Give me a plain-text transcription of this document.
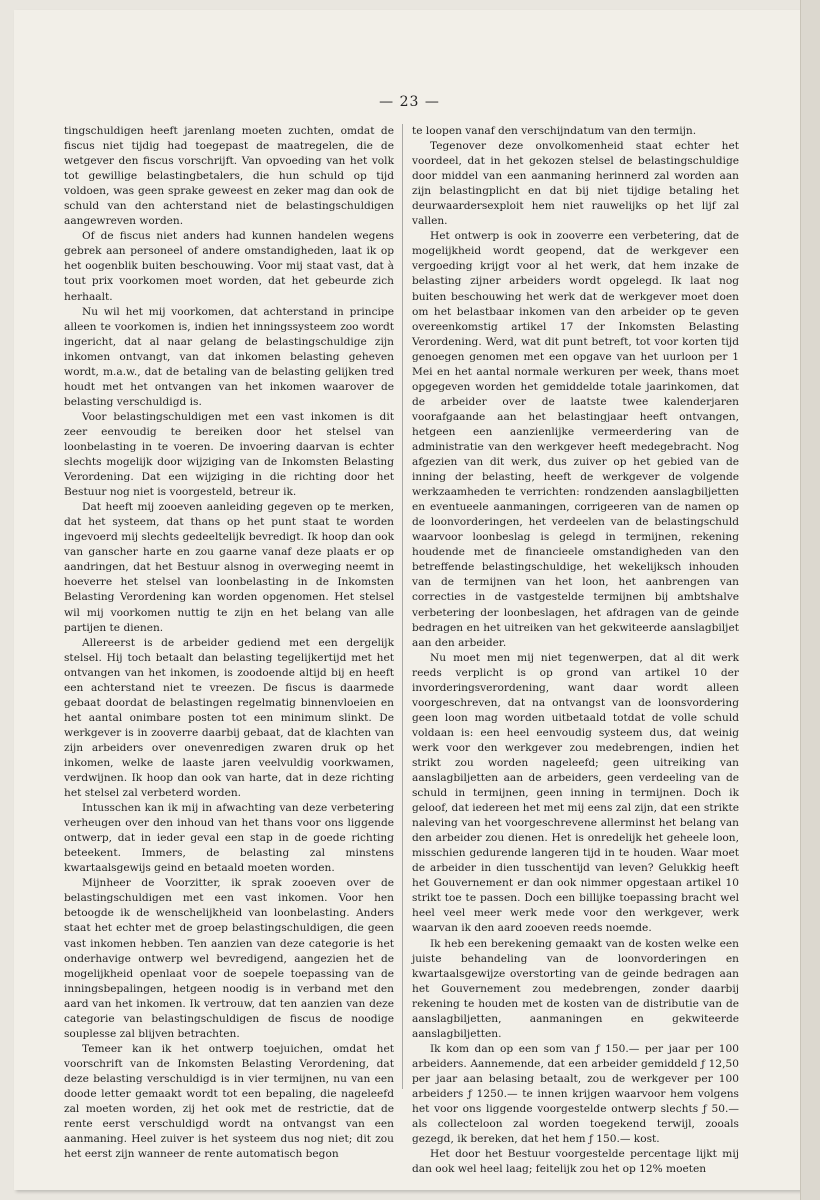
— 23 —

tingschuldigen heeft jarenlang moeten zuchten, omdat de fiscus niet tijdig had toegepast de maatregelen, die de wetgever den fiscus vorschrijft. Van opvoeding van het volk tot gewillige belastingbetalers, die hun schuld op tijd voldoen, was geen sprake geweest en zeker mag dan ook de schuld van den achterstand niet de belastingschuldigen aangewreven worden.

Of de fiscus niet anders had kunnen handelen wegens gebrek aan personeel of andere omstandigheden, laat ik op het oogenblik buiten beschouwing. Voor mij staat vast, dat à tout prix voorkomen moet worden, dat het gebeurde zich herhaalt.

Nu wil het mij voorkomen, dat achterstand in principe alleen te voorkomen is, indien het inningssysteem zoo wordt ingericht, dat al naar gelang de belastingschuldige zijn inkomen ontvangt, van dat inkomen belasting geheven wordt, m.a.w., dat de betaling van de belasting gelijken tred houdt met het ontvangen van het inkomen waarover de belasting verschuldigd is.

Voor belastingschuldigen met een vast inkomen is dit zeer eenvoudig te bereiken door het stelsel van loonbelasting in te voeren. De invoering daarvan is echter slechts mogelijk door wijziging van de Inkomsten Belasting Verordening. Dat een wijziging in die richting door het Bestuur nog niet is voorgesteld, betreur ik.

Dat heeft mij zooeven aanleiding gegeven op te merken, dat het systeem, dat thans op het punt staat te worden ingevoerd mij slechts gedeeltelijk bevredigt. Ik hoop dan ook van ganscher harte en zou gaarne vanaf deze plaats er op aandringen, dat het Bestuur alsnog in overweging neemt in hoeverre het stelsel van loonbelasting in de Inkomsten Belasting Verordening kan worden opgenomen. Het stelsel wil mij voorkomen nuttig te zijn en het belang van alle partijen te dienen.

Allereerst is de arbeider gediend met een dergelijk stelsel. Hij toch betaalt dan belasting tegelijkertijd met het ontvangen van het inkomen, is zoodoende altijd bij en heeft een achterstand niet te vreezen. De fiscus is daarmede gebaat doordat de belastingen regelmatig binnenvloeien en het aantal onimbare posten tot een minimum slinkt. De werkgever is in zooverre daarbij gebaat, dat de klachten van zijn arbeiders over onevenredigen zwaren druk op het inkomen, welke de laaste jaren veelvuldig voorkwamen, verdwijnen. Ik hoop dan ook van harte, dat in deze richting het stelsel zal verbeterd worden.

Intusschen kan ik mij in afwachting van deze verbetering verheugen over den inhoud van het thans voor ons liggende ontwerp, dat in ieder geval een stap in de goede richting beteekent. Immers, de belasting zal minstens kwartaalsgewijs geind en betaald moeten worden.

Mijnheer de Voorzitter, ik sprak zooeven over de belastingschuldigen met een vast inkomen. Voor hen betoogde ik de wenschelijkheid van loonbelasting. Anders staat het echter met de groep belastingschuldigen, die geen vast inkomen hebben. Ten aanzien van deze categorie is het onderhavige ontwerp wel bevredigend, aangezien het de mogelijkheid openlaat voor de soepele toepassing van de inningsbepalingen, hetgeen noodig is in verband met den aard van het inkomen. Ik vertrouw, dat ten aanzien van deze categorie van belastingschuldigen de fiscus de noodige souplesse zal blijven betrachten.

Temeer kan ik het ontwerp toejuichen, omdat het voorschrift van de Inkomsten Belasting Verordening, dat deze belasting verschuldigd is in vier termijnen, nu van een doode letter gemaakt wordt tot een bepaling, die nageleefd zal moeten worden, zij het ook met de restrictie, dat de rente eerst verschuldigd wordt na ontvangst van een aanmaning. Heel zuiver is het systeem dus nog niet; dit zou het eerst zijn wanneer de rente automatisch begon

te loopen vanaf den verschijndatum van den termijn.

Tegenover deze onvolkomenheid staat echter het voordeel, dat in het gekozen stelsel de belastingschuldige door middel van een aanmaning herinnerd zal worden aan zijn belastingplicht en dat bij niet tijdige betaling het deurwaardersexploit hem niet rauwelijks op het lijf zal vallen.

Het ontwerp is ook in zooverre een verbetering, dat de mogelijkheid wordt geopend, dat de werkgever een vergoeding krijgt voor al het werk, dat hem inzake de belasting zijner arbeiders wordt opgelegd. Ik laat nog buiten beschouwing het werk dat de werkgever moet doen om het belastbaar inkomen van den arbeider op te geven overeenkomstig artikel 17 der Inkomsten Belasting Verordening. Werd, wat dit punt betreft, tot voor korten tijd genoegen genomen met een opgave van het uurloon per 1 Mei en het aantal normale werkuren per week, thans moet opgegeven worden het gemiddelde totale jaarinkomen, dat de arbeider over de laatste twee kalenderjaren voorafgaande aan het belastingjaar heeft ontvangen, hetgeen een aanzienlijke vermeerdering van de administratie van den werkgever heeft medegebracht. Nog afgezien van dit werk, dus zuiver op het gebied van de inning der belasting, heeft de werkgever de volgende werkzaamheden te verrichten: rondzenden aanslagbiljetten en eventueele aanmaningen, corrigeeren van de namen op de loonvorderingen, het verdeelen van de belastingschuld waarvoor loonbeslag is gelegd in termijnen, rekening houdende met de financieele omstandigheden van den betreffende belastingschuldige, het wekelijksch inhouden van de termijnen van het loon, het aanbrengen van correcties in de vastgestelde termijnen bij ambtshalve verbetering der loonbeslagen, het afdragen van de geinde bedragen en het uitreiken van het gekwiteerde aanslagbiljet aan den arbeider.

Nu moet men mij niet tegenwerpen, dat al dit werk reeds verplicht is op grond van artikel 10 der invorderingsverordening, want daar wordt alleen voorgeschreven, dat na ontvangst van de loonsvordering geen loon mag worden uitbetaald totdat de volle schuld voldaan is: een heel eenvoudig systeem dus, dat weinig werk voor den werkgever zou medebrengen, indien het strikt zou worden nageleefd; geen uitreiking van aanslagbiljetten aan de arbeiders, geen verdeeling van de schuld in termijnen, geen inning in termijnen. Doch ik geloof, dat iedereen het met mij eens zal zijn, dat een strikte naleving van het voorgeschrevene allerminst het belang van den arbeider zou dienen. Het is onredelijk het geheele loon, misschien gedurende langeren tijd in te houden. Waar moet de arbeider in dien tusschentijd van leven? Gelukkig heeft het Gouvernement er dan ook nimmer opgestaan artikel 10 strikt toe te passen. Doch een billijke toepassing bracht wel heel veel meer werk mede voor den werkgever, werk waarvan ik den aard zooeven reeds noemde.

Ik heb een berekening gemaakt van de kosten welke een juiste behandeling van de loonvorderingen en kwartaalsgewijze overstorting van de geinde bedragen aan het Gouvernement zou medebrengen, zonder daarbij rekening te houden met de kosten van de distributie van de aanslagbiljetten, aanmaningen en gekwiteerde aanslagbiljetten.

Ik kom dan op een som van ƒ 150.— per jaar per 100 arbeiders. Aannemende, dat een arbeider gemiddeld ƒ 12,50 per jaar aan belasing betaalt, zou de werkgever per 100 arbeiders ƒ 1250.— te innen krijgen waarvoor hem volgens het voor ons liggende voorgestelde ontwerp slechts ƒ 50.— als collecteloon zal worden toegekend terwijl, zooals gezegd, ik bereken, dat het hem ƒ 150.— kost.

Het door het Bestuur voorgestelde percentage lijkt mij dan ook wel heel laag; feitelijk zou het op 12% moeten
